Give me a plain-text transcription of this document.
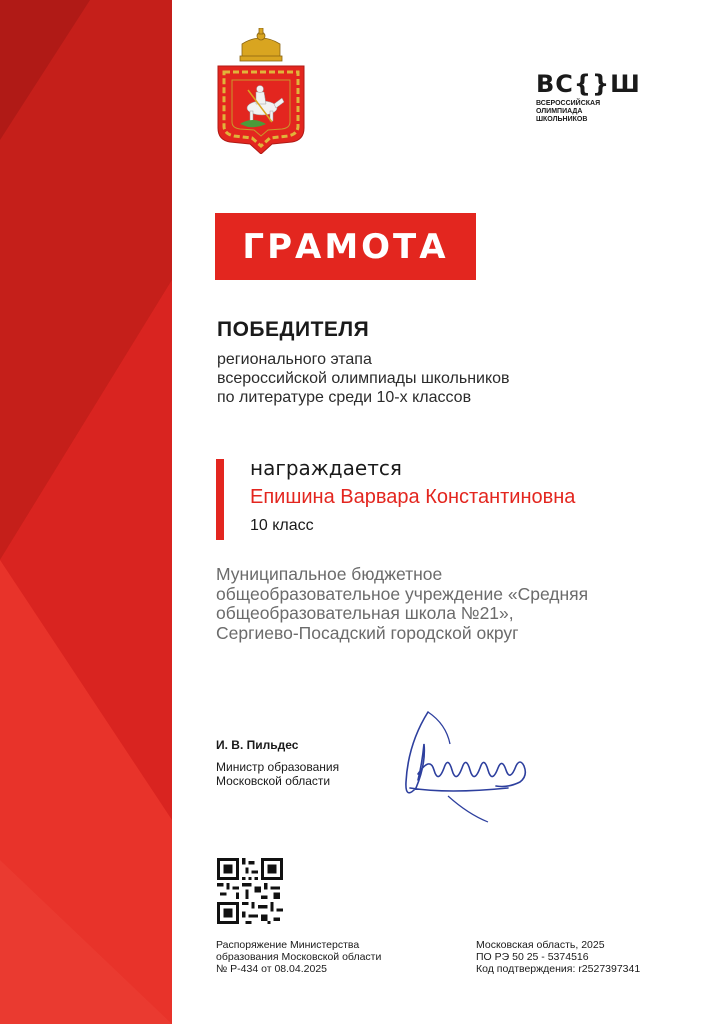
ВС{}Ш
ВСЕРОССИЙСКАЯ
ОЛИМПИАДА
ШКОЛЬНИКОВ
ГРАМОТА
ПОБЕДИТЕЛЯ
регионального этапа
всероссийской олимпиады школьников
по литературе среди 10-х классов
награждается
Епишина Варвара Константиновна
10 класс
Муниципальное бюджетное
общеобразовательное учреждение «Средняя
общеобразовательная школа №21»,
Сергиево-Посадский городской округ
И. В. Пильдес
Министр образования
Московской области
Распоряжение Министерства
образования Московской области
№ Р-434 от 08.04.2025
Московская область, 2025
ПО РЭ 50 25 - 5374516
Код подтверждения: r2527397341
